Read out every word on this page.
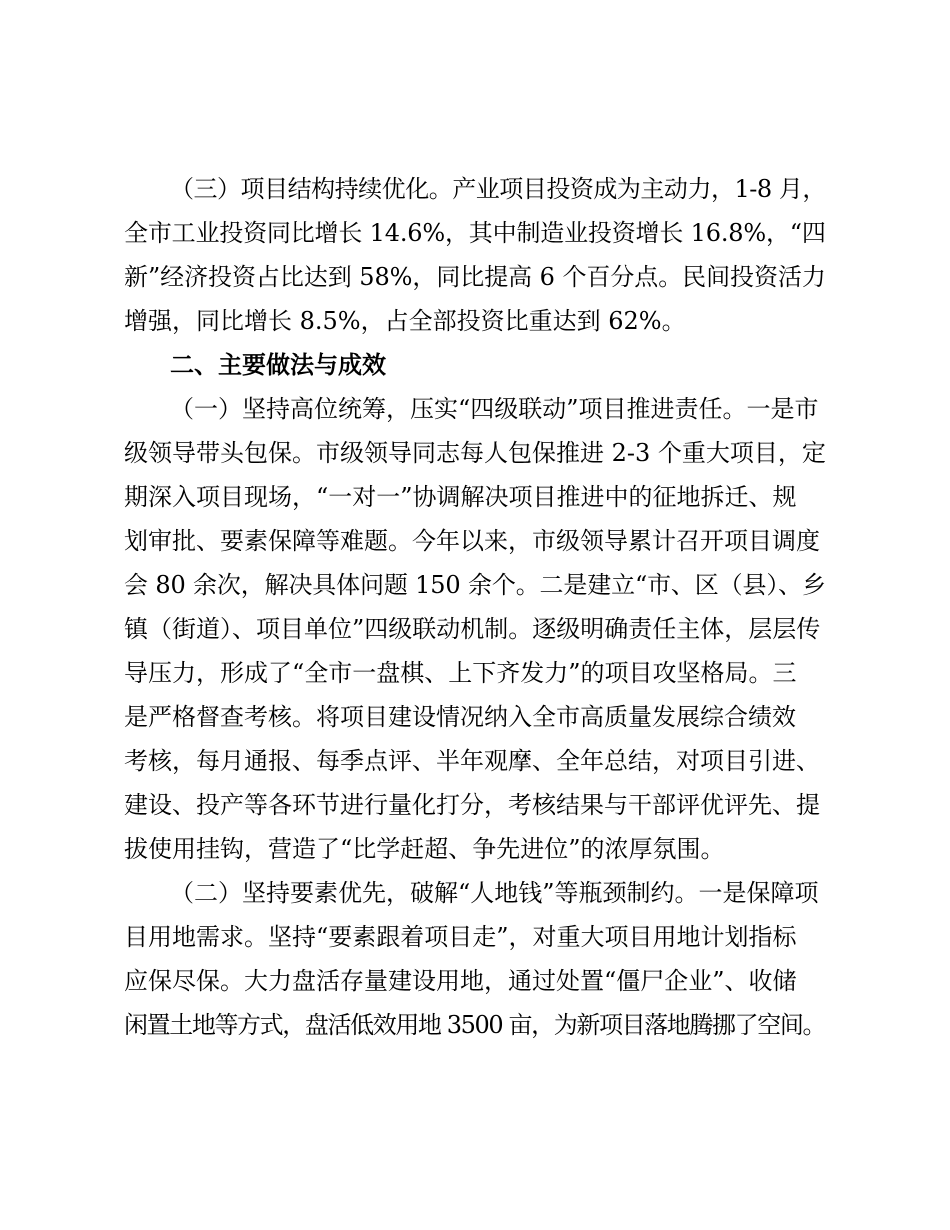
（三）项目结构持续优化。产业项目投资成为主动力，1-8 月，
全市工业投资同比增长 14.6%，其中制造业投资增长 16.8%，“四
新”经济投资占比达到 58%，同比提高 6 个百分点。民间投资活力
增强，同比增长 8.5%，占全部投资比重达到 62%。
二、主要做法与成效
（一）坚持高位统筹，压实“四级联动”项目推进责任。一是市
级领导带头包保。市级领导同志每人包保推进 2-3 个重大项目，定
期深入项目现场，“一对一”协调解决项目推进中的征地拆迁、规
划审批、要素保障等难题。今年以来，市级领导累计召开项目调度
会 80 余次，解决具体问题 150 余个。二是建立“市、区（县）、乡
镇（街道）、项目单位”四级联动机制。逐级明确责任主体，层层传
导压力，形成了“全市一盘棋、上下齐发力”的项目攻坚格局。三
是严格督查考核。将项目建设情况纳入全市高质量发展综合绩效
考核，每月通报、每季点评、半年观摩、全年总结，对项目引进、
建设、投产等各环节进行量化打分，考核结果与干部评优评先、提
拔使用挂钩，营造了“比学赶超、争先进位”的浓厚氛围。
（二）坚持要素优先，破解“人地钱”等瓶颈制约。一是保障项
目用地需求。坚持“要素跟着项目走”，对重大项目用地计划指标
应保尽保。大力盘活存量建设用地，通过处置“僵尸企业”、收储
闲置土地等方式，盘活低效用地 3500 亩，为新项目落地腾挪了空间。
